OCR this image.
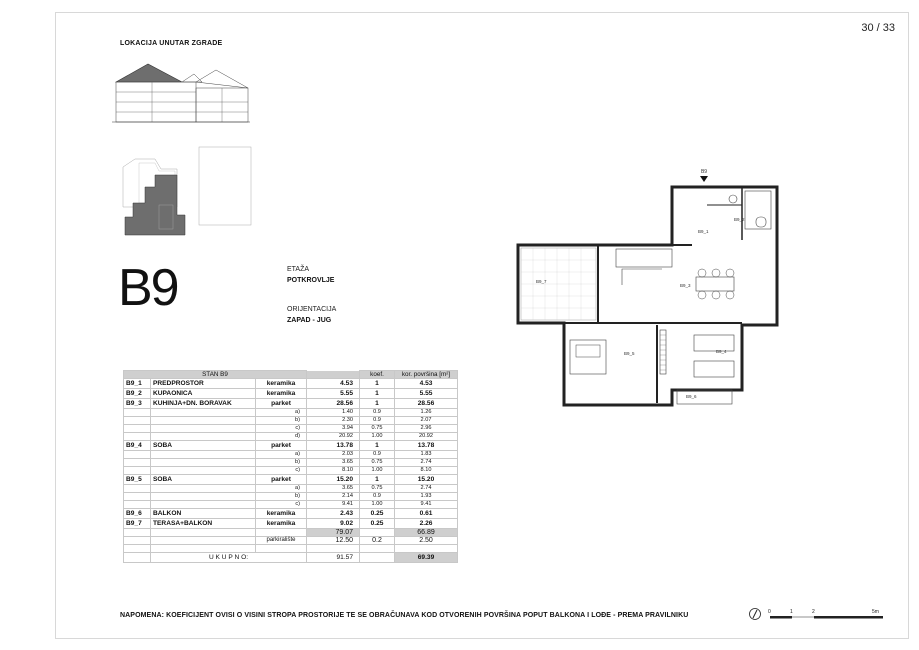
30 / 33
LOKACIJA UNUTAR ZGRADE
B9	ETAŽA
POTKROVLJE
ORIJENTACIJA
ZAPAD - JUG
B9
B9_7
B9_3
B9_1
B9_2
B9_5	B9_4
B9_6
STAN B9				koef.	kor. površina [m²]
B9_1	PREDPROSTOR	keramika	4.53	1	4.53
B9_2	KUPAONICA	keramika	5.55	1	5.55
B9_3	KUHINJA+DN. BORAVAK	parket	28.56	1	28.56
		a)	1.40	0.9	1.26
		b)	2.30	0.9	2.07
		c)	3.94	0.75	2.96
		d)	20.92	1.00	20.92
B9_4	SOBA	parket	13.78	1	13.78
		a)	2.03	0.9	1.83
		b)	3.65	0.75	2.74
		c)	8.10	1.00	8.10
B9_5	SOBA	parket	15.20	1	15.20
		a)	3.65	0.75	2.74
		b)	2.14	0.9	1.93
		c)	9.41	1.00	9.41
B9_6	BALKON	keramika	2.43	0.25	0.61
B9_7	TERASA+BALKON	keramika	9.02	0.25	2.26
			79.07		66.89
		parkiralište	12.50	0.2	2.50

	U K U P N O:		91.57		69.39
NAPOMENA: KOEFICIJENT OVISI O VISINI STROPA PROSTORIJE TE SE OBRAČUNAVA KOD OTVORENIH POVRŠINA POPUT BALKONA I LOĐE - PREMA PRAVILNIKU	0	1	2	5m
